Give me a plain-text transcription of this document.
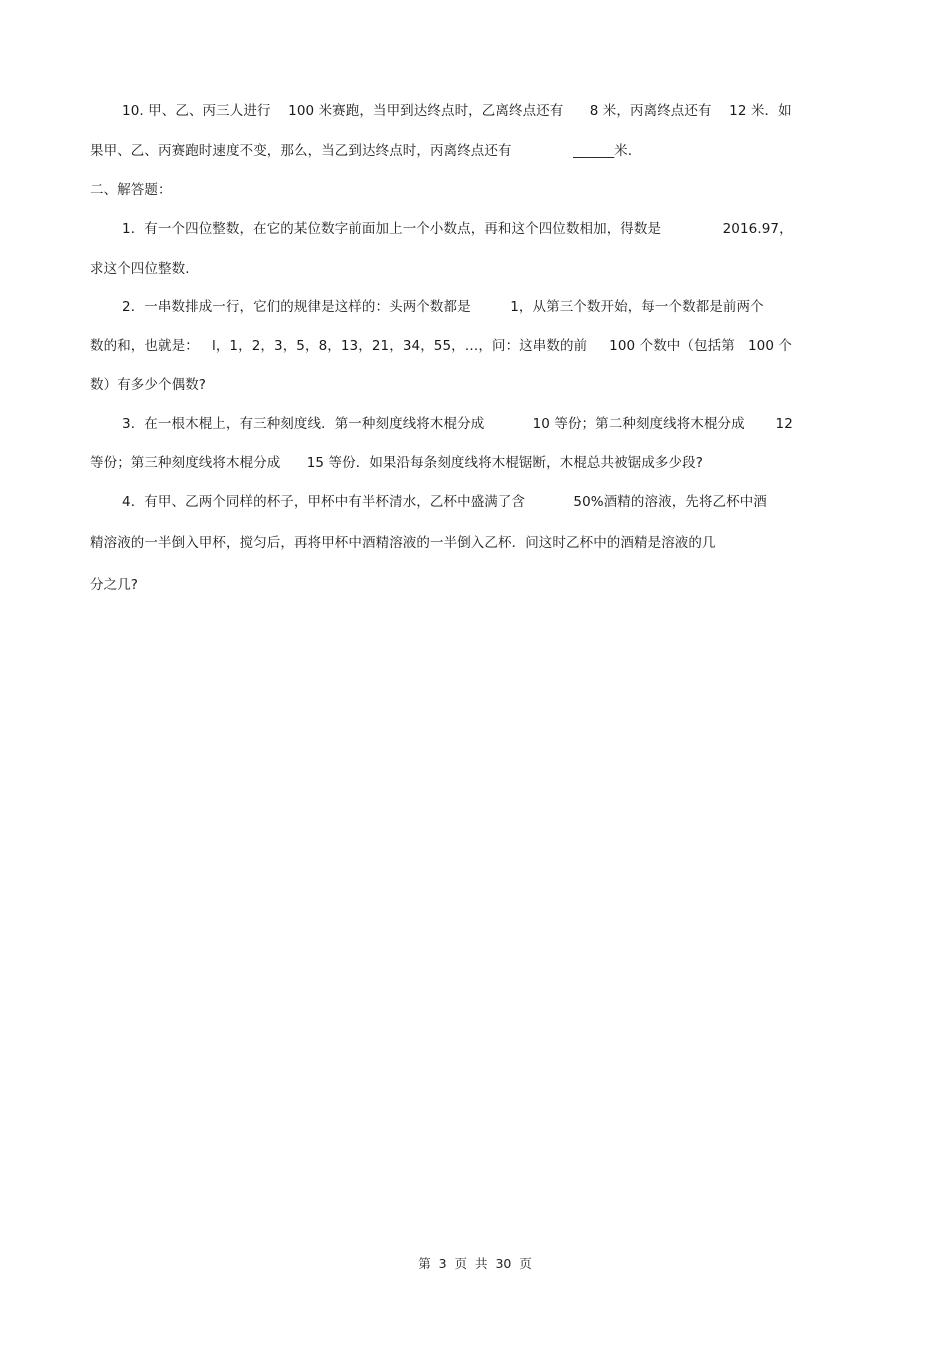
10. 甲、乙、丙三人进行    100 米赛跑，当甲到达终点时，乙离终点还有      8 米，丙离终点还有    12 米．如
果甲、乙、丙赛跑时速度不变，那么，当乙到达终点时，丙离终点还有              ______米.
二、解答题：
1．有一个四位整数，在它的某位数字前面加上一个小数点，再和这个四位数相加，得数是              2016.97，
求这个四位整数.
2．一串数排成一行，它们的规律是这样的：头两个数都是         1，从第三个数开始，每一个数都是前两个
数的和，也就是：   l，1，2，3，5，8，13，21，34，55，…，问：这串数的前     100 个数中（包括第   100 个
数）有多少个偶数?
3．在一根木棍上，有三种刻度线．第一种刻度线将木棍分成           10 等份；第二种刻度线将木棍分成       12
等份；第三种刻度线将木棍分成      15 等份．如果沿每条刻度线将木棍锯断，木棍总共被锯成多少段?
4．有甲、乙两个同样的杯子，甲杯中有半杯清水，乙杯中盛满了含           50%酒精的溶液，先将乙杯中酒
精溶液的一半倒入甲杯，搅匀后，再将甲杯中酒精溶液的一半倒入乙杯．问这时乙杯中的酒精是溶液的几
分之几?
第  3  页  共  30  页
